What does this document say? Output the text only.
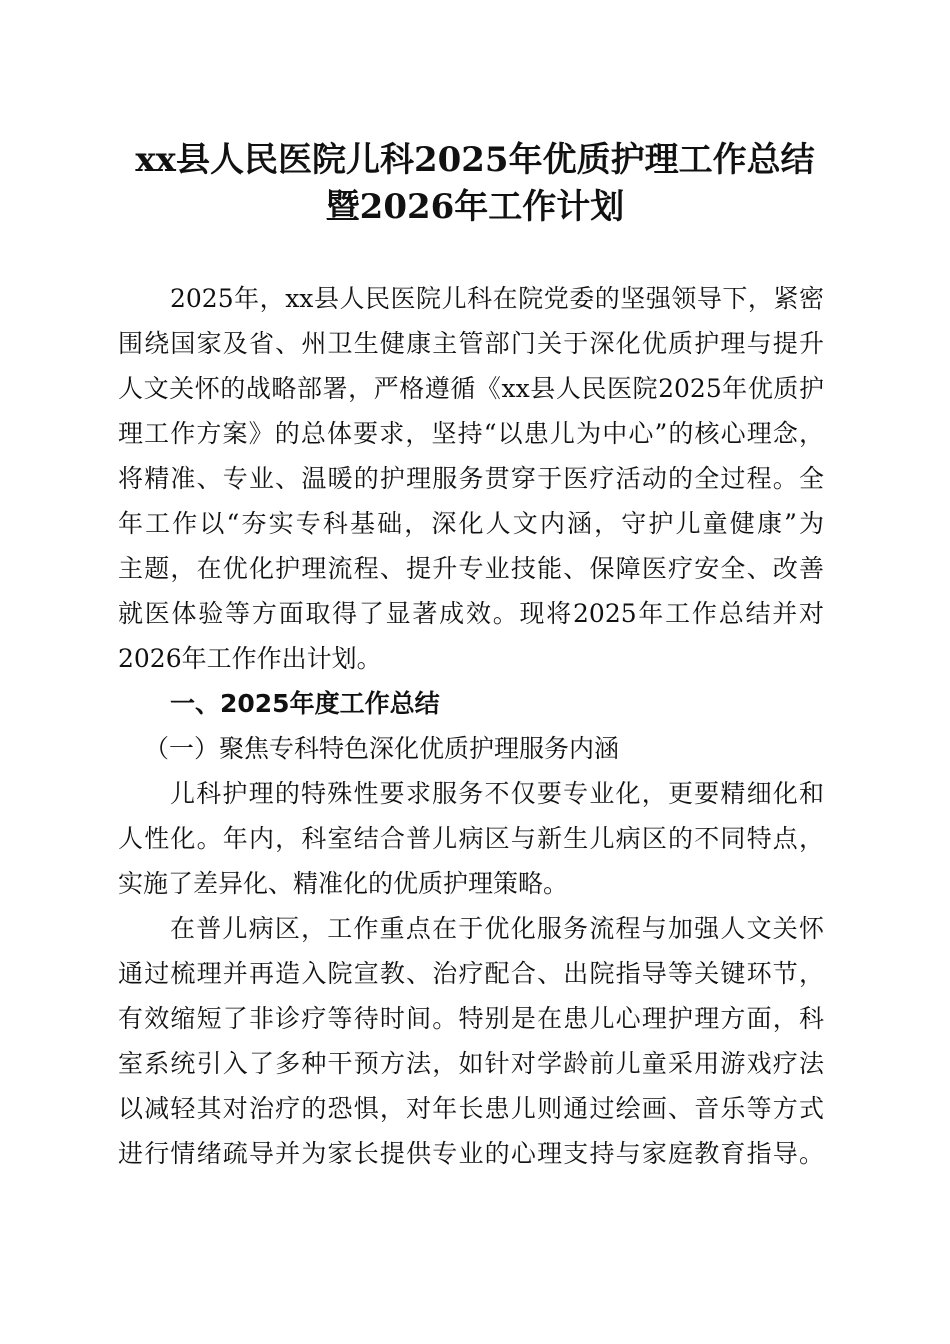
xx县人民医院儿科2025年优质护理工作总结
暨2026年工作计划
2025年，xx县人民医院儿科在院党委的坚强领导下，紧密
围绕国家及省、州卫生健康主管部门关于深化优质护理与提升
人文关怀的战略部署，严格遵循《xx县人民医院2025年优质护
理工作方案》的总体要求，坚持“以患儿为中心”的核心理念，
将精准、专业、温暖的护理服务贯穿于医疗活动的全过程。全
年工作以“夯实专科基础，深化人文内涵，守护儿童健康”为
主题，在优化护理流程、提升专业技能、保障医疗安全、改善
就医体验等方面取得了显著成效。现将2025年工作总结并对
2026年工作作出计划。
一、2025年度工作总结
（一）聚焦专科特色深化优质护理服务内涵
儿科护理的特殊性要求服务不仅要专业化，更要精细化和
人性化。年内，科室结合普儿病区与新生儿病区的不同特点，
实施了差异化、精准化的优质护理策略。
在普儿病区，工作重点在于优化服务流程与加强人文关怀
通过梳理并再造入院宣教、治疗配合、出院指导等关键环节，
有效缩短了非诊疗等待时间。特别是在患儿心理护理方面，科
室系统引入了多种干预方法，如针对学龄前儿童采用游戏疗法
以减轻其对治疗的恐惧，对年长患儿则通过绘画、音乐等方式
进行情绪疏导并为家长提供专业的心理支持与家庭教育指导。
